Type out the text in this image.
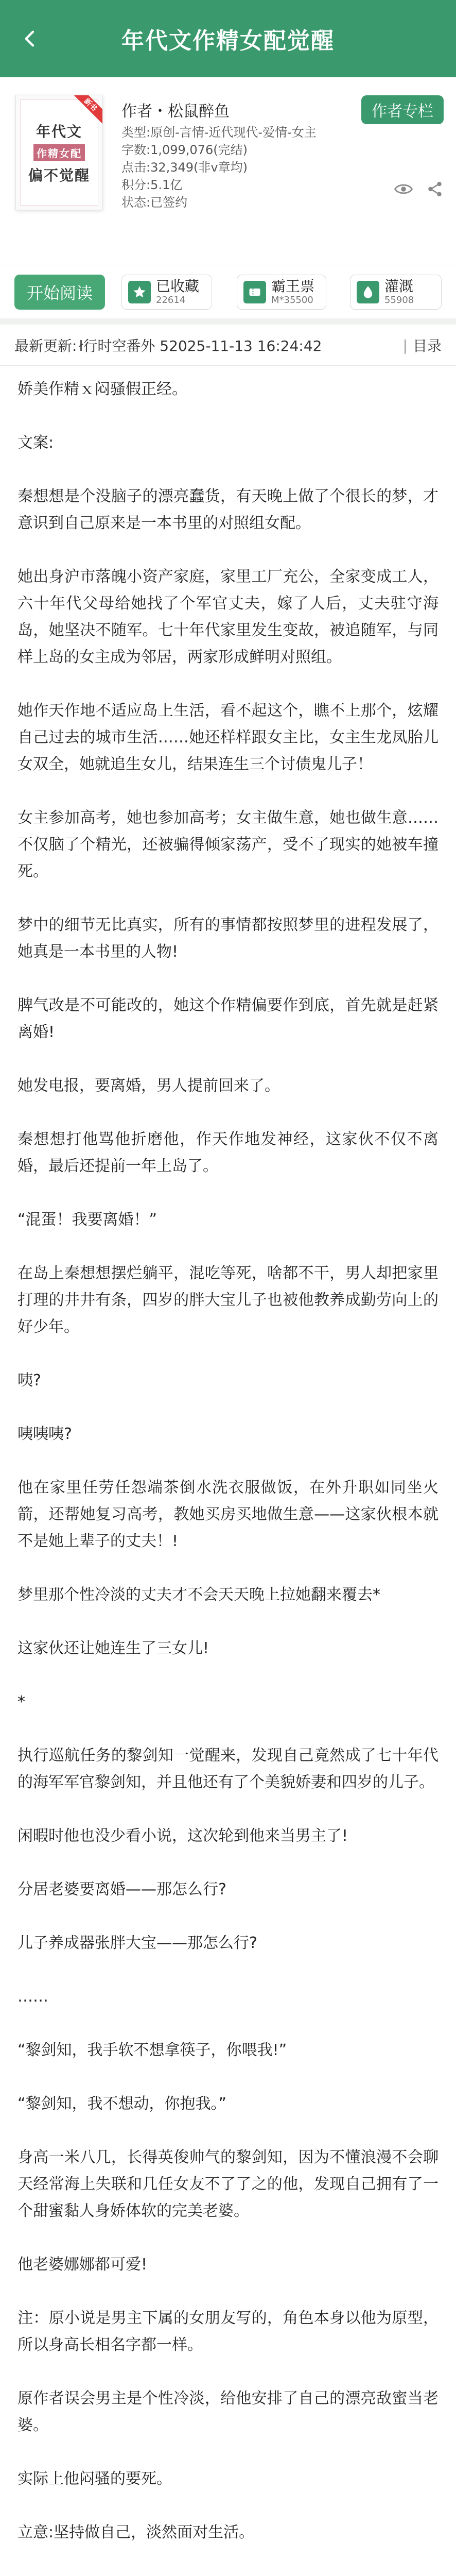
年代文作精女配觉醒
年代文
作精女配
偏不觉醒
新书	作者・松鼠醉鱼	作者专栏
类型:原创-言情-近代现代-爱情-女主
字数:1,099,076(完结)
点击:32,349(非v章均)
积分:5.1亿
状态:已签约
开始阅读	已收藏
22614
霸王票
M*35500
灌溉
55908
最新更新: ł行时空番外 52025-11-13 16:24:42	| 目录

娇美作精ｘ闷骚假正经。

文案:

秦想想是个没脑子的漂亮蠢货，有天晚上做了个很长的梦，才意识到自己原来是一本书里的对照组女配。

她出身沪市落魄小资产家庭，家里工厂充公，全家变成工人，六十年代父母给她找了个军官丈夫，嫁了人后，丈夫驻守海岛，她坚决不随军。七十年代家里发生变故，被追随军，与同样上岛的女主成为邻居，两家形成鲜明对照组。

她作天作地不适应岛上生活，看不起这个，瞧不上那个，炫耀自己过去的城市生活……她还样样跟女主比，女主生龙凤胎儿女双全，她就追生女儿，结果连生三个讨债鬼儿子！

女主参加高考，她也参加高考；女主做生意，她也做生意……不仅脑了个精光，还被骗得倾家荡产，受不了现实的她被车撞死。

梦中的细节无比真实，所有的事情都按照梦里的进程发展了，她真是一本书里的人物!

脾气改是不可能改的，她这个作精偏要作到底，首先就是赶紧离婚!

她发电报，要离婚，男人提前回来了。

秦想想打他骂他折磨他，作天作地发神经，这家伙不仅不离婚，最后还提前一年上岛了。

“混蛋！我要离婚！”

在岛上秦想想摆烂躺平，混吃等死，啥都不干，男人却把家里打理的井井有条，四岁的胖大宝儿子也被他教养成勤劳向上的好少年。

咦?

咦咦咦?

他在家里任劳任怨端茶倒水洗衣服做饭，在外升职如同坐火箭，还帮她复习高考，教她买房买地做生意——这家伙根本就不是她上辈子的丈夫！!

梦里那个性冷淡的丈夫才不会天天晚上拉她翻来覆去*

这家伙还让她连生了三女儿!

*

执行巡航任务的黎剑知一觉醒来，发现自己竟然成了七十年代的海军军官黎剑知，并且他还有了个美貌娇妻和四岁的儿子。

闲暇时他也没少看小说，这次轮到他来当男主了!

分居老婆要离婚——那怎么行?

儿子养成器张胖大宝——那怎么行?

……

“黎剑知，我手软不想拿筷子，你喂我!”

“黎剑知，我不想动，你抱我。”

身高一米八几，长得英俊帅气的黎剑知，因为不懂浪漫不会聊天经常海上失联和几任女友不了了之的他，发现自己拥有了一个甜蜜黏人身娇体软的完美老婆。

他老婆娜娜都可爱!

注：原小说是男主下属的女朋友写的，角色本身以他为原型，所以身高长相名字都一样。

原作者误会男主是个性冷淡，给他安排了自己的漂亮敌蜜当老婆。

实际上他闷骚的要死。

立意:坚持做自己，淡然面对生活。
